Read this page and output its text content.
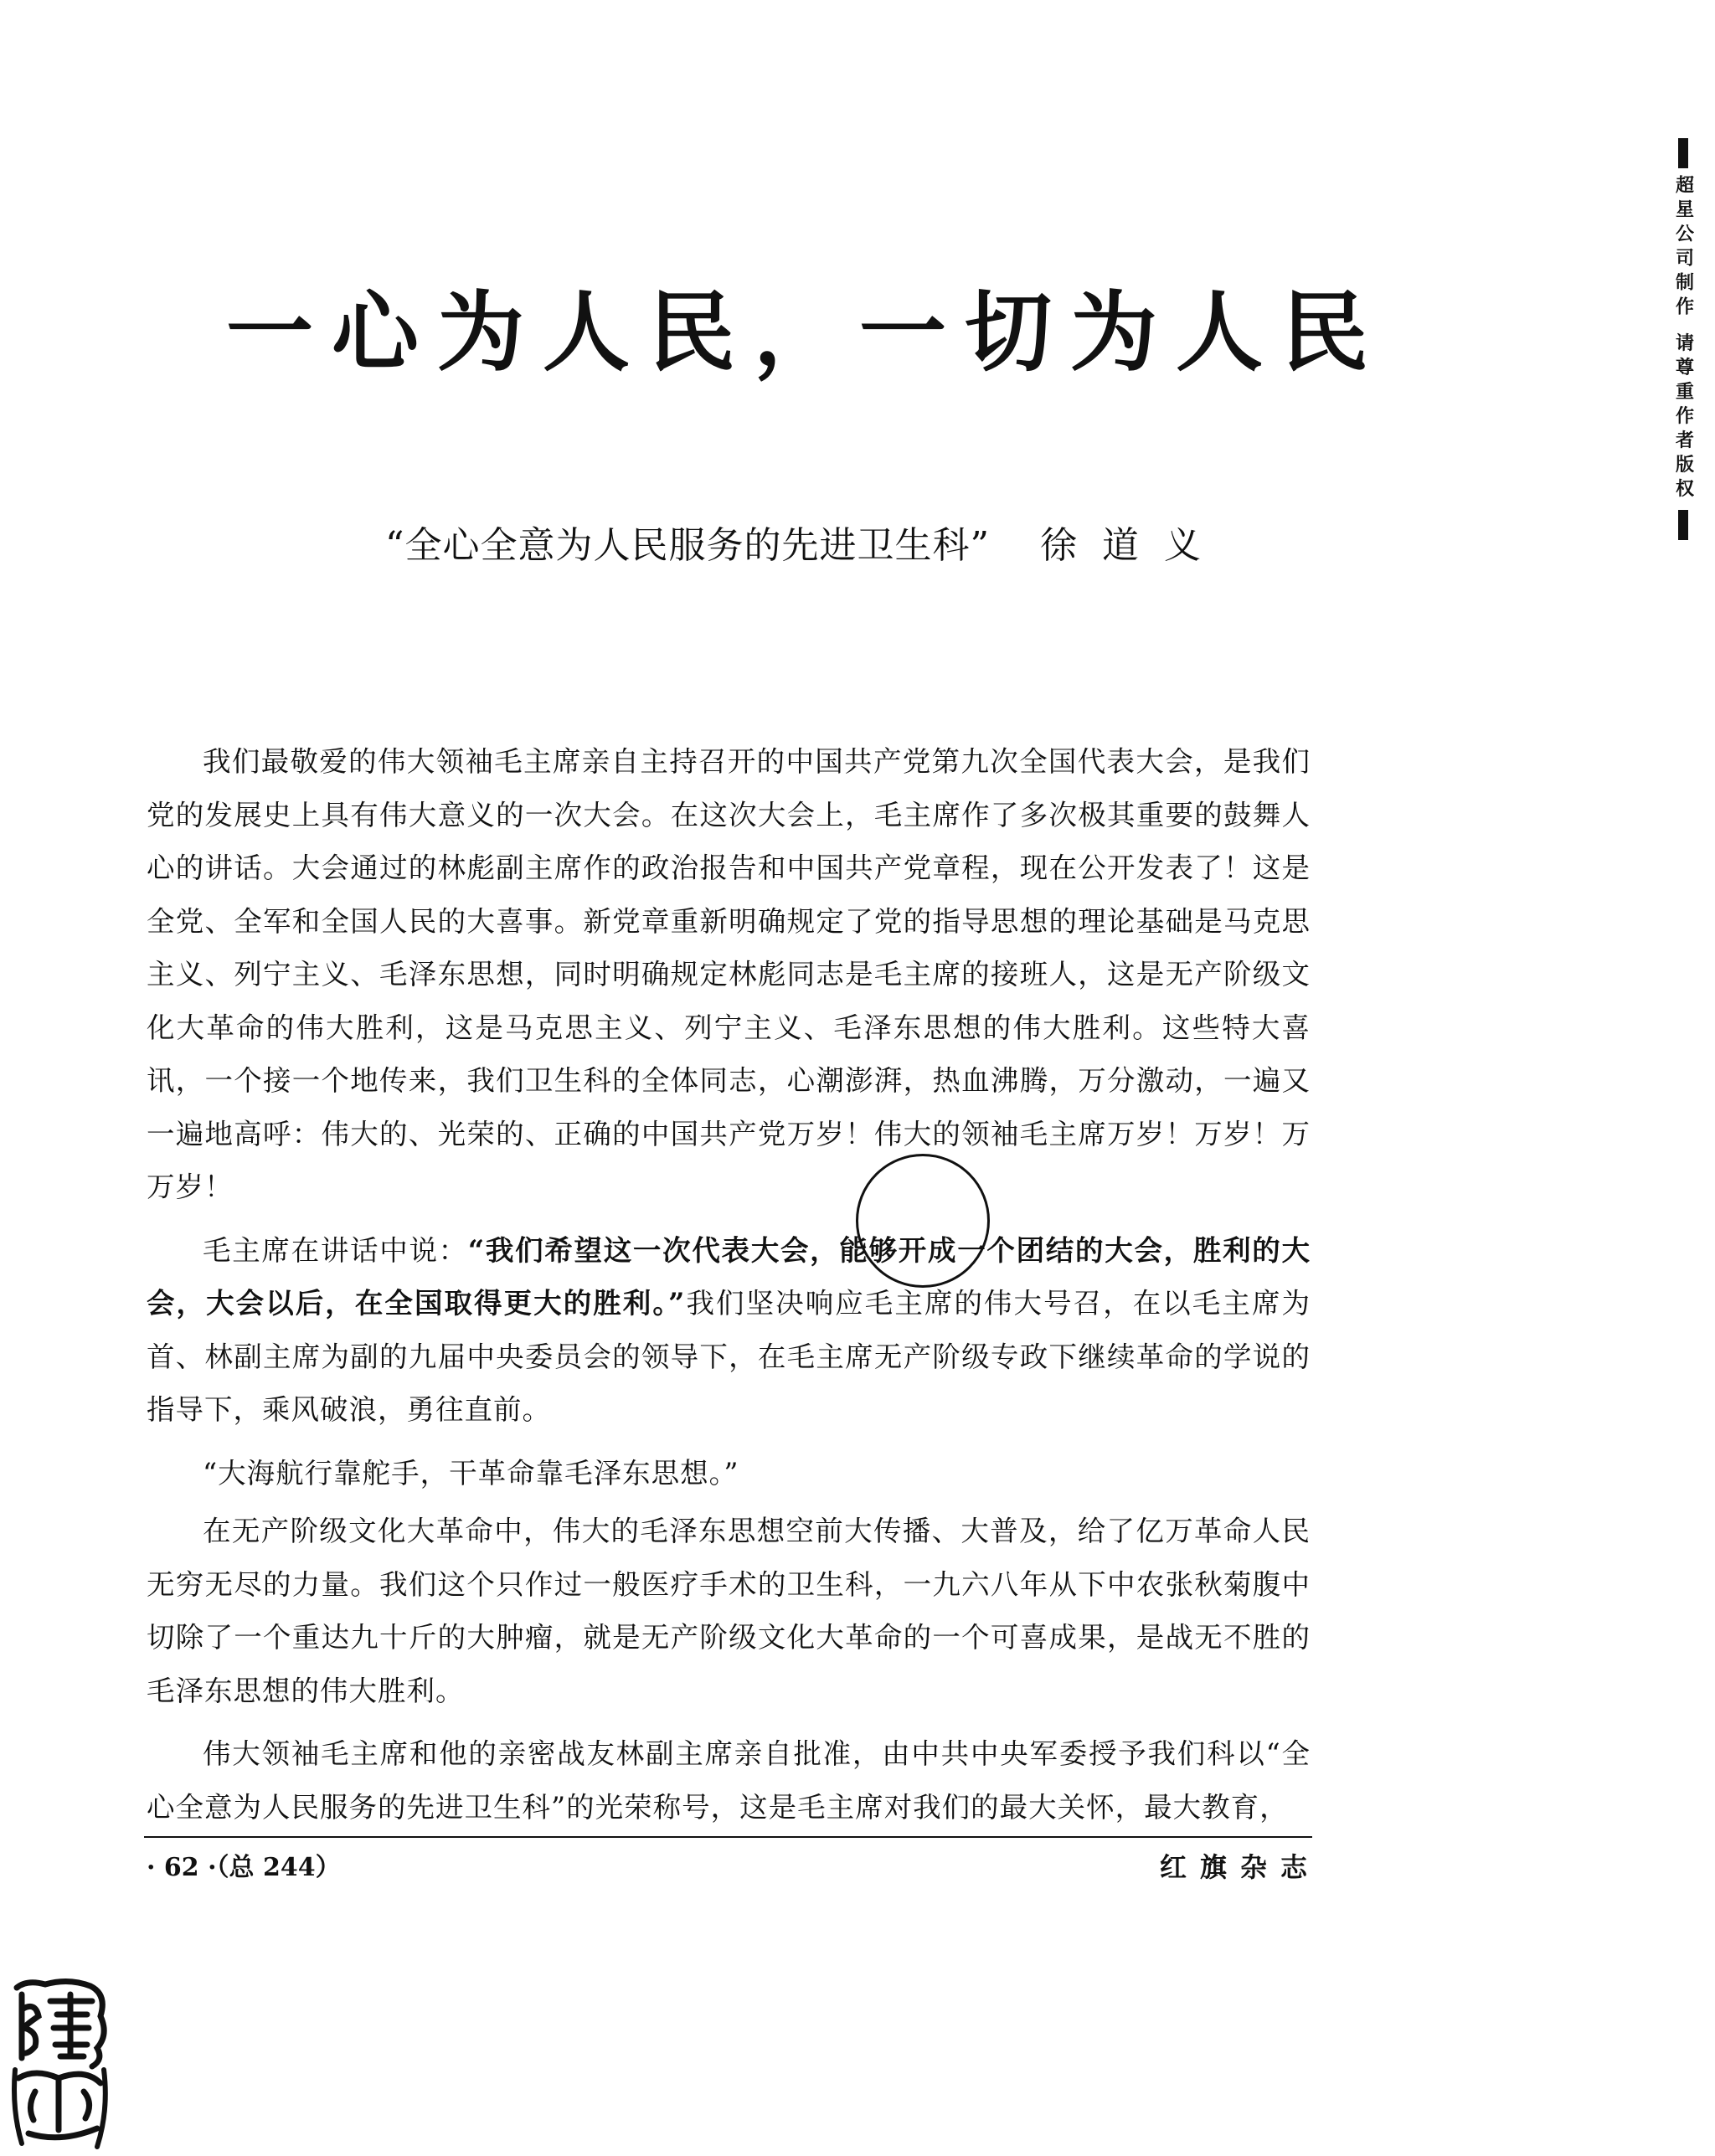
超星公司制作 请尊重作者版权
一心为人民，一切为人民
“全心全意为人民服务的先进卫生科” 徐道义

我们最敬爱的伟大领袖毛主席亲自主持召开的中国共产党第九次全国代表大会，是我们党的发展史上具有伟大意义的一次大会。在这次大会上，毛主席作了多次极其重要的鼓舞人心的讲话。大会通过的林彪副主席作的政治报告和中国共产党章程，现在公开发表了！这是全党、全军和全国人民的大喜事。新党章重新明确规定了党的指导思想的理论基础是马克思主义、列宁主义、毛泽东思想，同时明确规定林彪同志是毛主席的接班人，这是无产阶级文化大革命的伟大胜利，这是马克思主义、列宁主义、毛泽东思想的伟大胜利。这些特大喜讯，一个接一个地传来，我们卫生科的全体同志，心潮澎湃，热血沸腾，万分激动，一遍又一遍地高呼：伟大的、光荣的、正确的中国共产党万岁！伟大的领袖毛主席万岁！万岁！万万岁！

毛主席在讲话中说：“我们希望这一次代表大会，能够开成一个团结的大会，胜利的大会，大会以后，在全国取得更大的胜利。”我们坚决响应毛主席的伟大号召，在以毛主席为首、林副主席为副的九届中央委员会的领导下，在毛主席无产阶级专政下继续革命的学说的指导下，乘风破浪，勇往直前。

“大海航行靠舵手，干革命靠毛泽东思想。”

在无产阶级文化大革命中，伟大的毛泽东思想空前大传播、大普及，给了亿万革命人民无穷无尽的力量。我们这个只作过一般医疗手术的卫生科，一九六八年从下中农张秋菊腹中切除了一个重达九十斤的大肿瘤，就是无产阶级文化大革命的一个可喜成果，是战无不胜的毛泽东思想的伟大胜利。

伟大领袖毛主席和他的亲密战友林副主席亲自批准，由中共中央军委授予我们科以“全心全意为人民服务的先进卫生科”的光荣称号，这是毛主席对我们的最大关怀，最大教育，

· 62 ·（总 244）	红旗杂志
